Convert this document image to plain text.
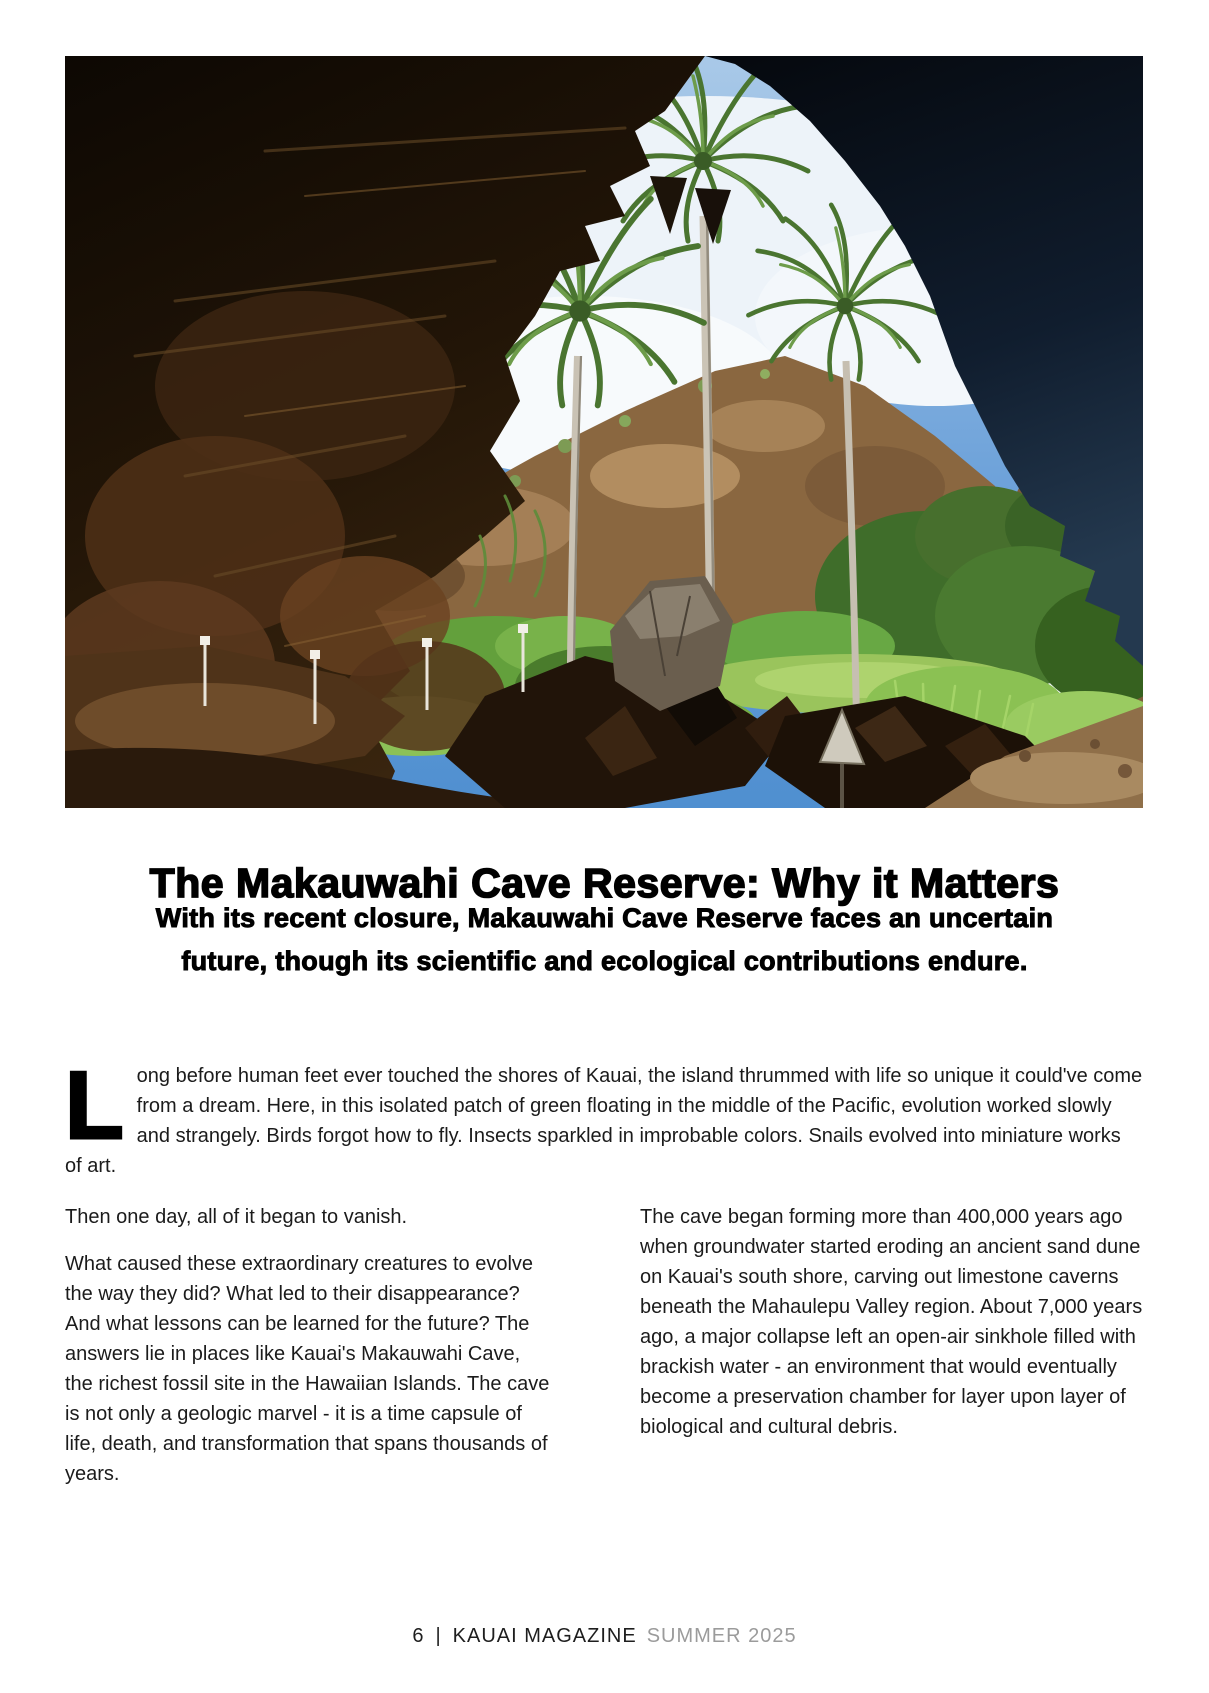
The Makauwahi Cave Reserve: Why it Matters
With its recent closure, Makauwahi Cave Reserve faces an uncertain
future, though its scientific and ecological contributions endure.
Long before human feet ever touched the shores of Kauai, the island thrummed with life so unique it could've come from a dream. Here, in this isolated patch of green floating in the middle of the Pacific, evolution worked slowly and strangely. Birds forgot how to fly. Insects sparkled in improbable colors. Snails evolved into miniature works of art.

Then one day, all of it began to vanish.

What caused these extraordinary creatures to evolve the way they did? What led to their disappearance? And what lessons can be learned for the future? The answers lie in places like Kauai's Makauwahi Cave, the richest fossil site in the Hawaiian Islands. The cave is not only a geologic marvel - it is a time capsule of life, death, and transformation that spans thousands of years.

The cave began forming more than 400,000 years ago when groundwater started eroding an ancient sand dune on Kauai's south shore, carving out limestone caverns beneath the Mahaulepu Valley region. About 7,000 years ago, a major collapse left an open-air sinkhole filled with brackish water - an environment that would eventually become a preservation chamber for layer upon layer of biological and cultural debris.

6 | KAUAI MAGAZINE SUMMER 2025
